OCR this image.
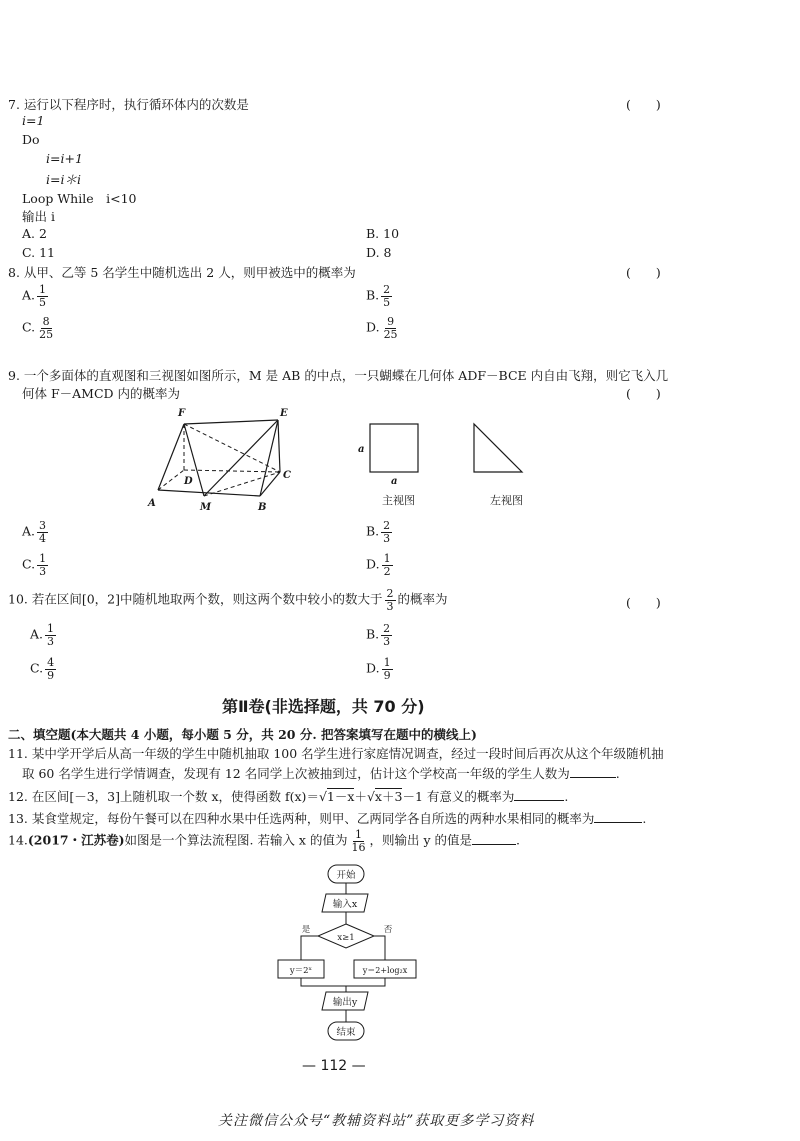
7. 运行以下程序时，执行循环体内的次数是	(　　)
i=1
Do
i=i+1
i=i＊i
Loop While　i<10
输出 i
A. 2	B. 10
C. 11	D. 8
8. 从甲、乙等 5 名学生中随机选出 2 人，则甲被选中的概率为	(　　)
A. $\frac{1}{5}$	B. $\frac{2}{5}$
C. $\frac{8}{25}$	D. $\frac{9}{25}$
9. 一个多面体的直观图和三视图如图所示，M 是 AB 的中点，一只蝴蝶在几何体 ADF－BCE 内自由飞翔，则它飞入几
何体 F－AMCD 内的概率为	(　　)
F	E
D
C
A	M	B
a
a
主视图	左视图
A. $\frac{3}{4}$	B. $\frac{2}{3}$
C. $\frac{1}{3}$	D. $\frac{1}{2}$
10. 若在区间[0，2]中随机地取两个数，则这两个数中较小的数大于 $\frac{2}{3}$ 的概率为	(　　)
A. $\frac{1}{3}$	B. $\frac{2}{3}$
C. $\frac{4}{9}$	D. $\frac{1}{9}$
第Ⅱ卷(非选择题，共 70 分)
二、填空题(本大题共 4 小题，每小题 5 分，共 20 分. 把答案填写在题中的横线上)
11. 某中学开学后从高一年级的学生中随机抽取 100 名学生进行家庭情况调查，经过一段时间后再次从这个年级随机抽
取 60 名学生进行学情调查，发现有 12 名同学上次被抽到过，估计这个学校高一年级的学生人数为	.
12. 在区间[－3，3]上随机取一个数 x，使得函数 f(x)＝√1－x＋√x＋3－1 有意义的概率为	.
13. 某食堂规定，每份午餐可以在四种水果中任选两种，则甲、乙两同学各自所选的两种水果相同的概率为	.
14.(2017・江苏卷)如图是一个算法流程图. 若输入 x 的值为 $\frac{1}{16}$ ，则输出 y 的值是	.
开始
输入x
x≥1
是	否
y＝2ˣ	y＝2+log₂x
输出y
结束
— 112 —
关注微信公众号“教辅资料站”获取更多学习资料
